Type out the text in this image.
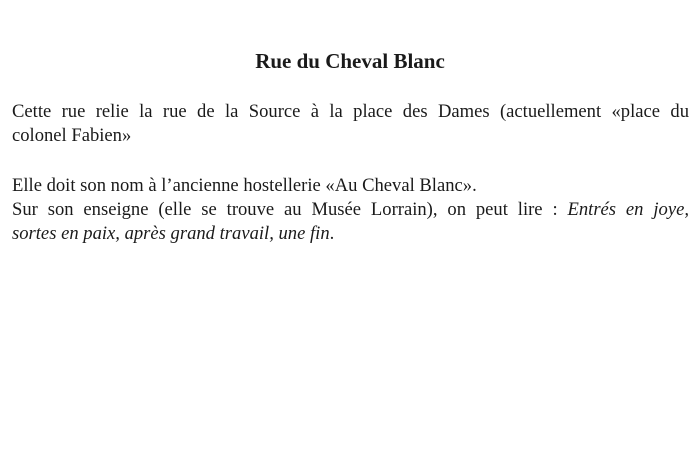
Rue du Cheval Blanc

Cette rue relie la rue de la Source à la place des Dames (actuellement «place du
colonel Fabien»

Elle doit son nom à l’ancienne hostellerie «Au Cheval Blanc».

Sur son enseigne (elle se trouve au Musée Lorrain), on peut lire : Entrés en joye,
sortes en paix, après grand travail, une fin.
